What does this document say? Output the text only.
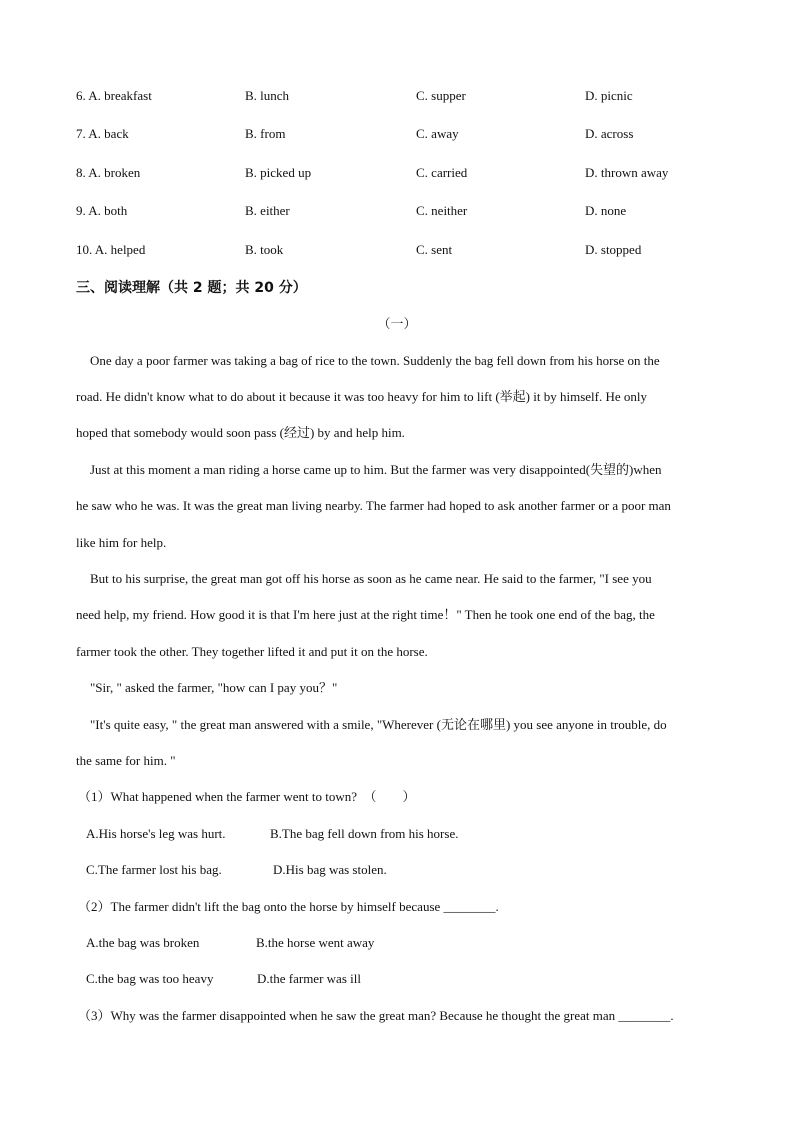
6. A. breakfast	B. lunch	C. supper	D. picnic
7. A. back	B. from	C. away	D. across
8. A. broken	B. picked up	C. carried	D. thrown away
9. A. both	B. either	C. neither	D. none
10. A. helped	B. took	C. sent	D. stopped
三、阅读理解（共 2 题；共 20 分）
（一）
One day a poor farmer was taking a bag of rice to the town. Suddenly the bag fell down from his horse on the
road. He didn't know what to do about it because it was too heavy for him to lift (举起) it by himself. He only
hoped that somebody would soon pass (经过) by and help him.
Just at this moment a man riding a horse came up to him. But the farmer was very disappointed(失望的)when
he saw who he was. It was the great man living nearby. The farmer had hoped to ask another farmer or a poor man
like him for help.
But to his surprise, the great man got off his horse as soon as he came near. He said to the farmer, "I see you
need help, my friend. How good it is that I'm here just at the right time！" Then he took one end of the bag, the
farmer took the other. They together lifted it and put it on the horse.
"Sir, " asked the farmer, "how can I pay you？"
"It's quite easy, " the great man answered with a smile, "Wherever (无论在哪里) you see anyone in trouble, do
the same for him. "
（1）What happened when the farmer went to town?　（　　）
A.His horse's leg was hurt.	B.The bag fell down from his horse.
C.The farmer lost his bag.	D.His bag was stolen.
（2）The farmer didn't lift the bag onto the horse by himself because ________.
A.the bag was broken	B.the horse went away
C.the bag was too heavy	D.the farmer was ill
（3）Why was the farmer disappointed when he saw the great man? Because he thought the great man ________.
